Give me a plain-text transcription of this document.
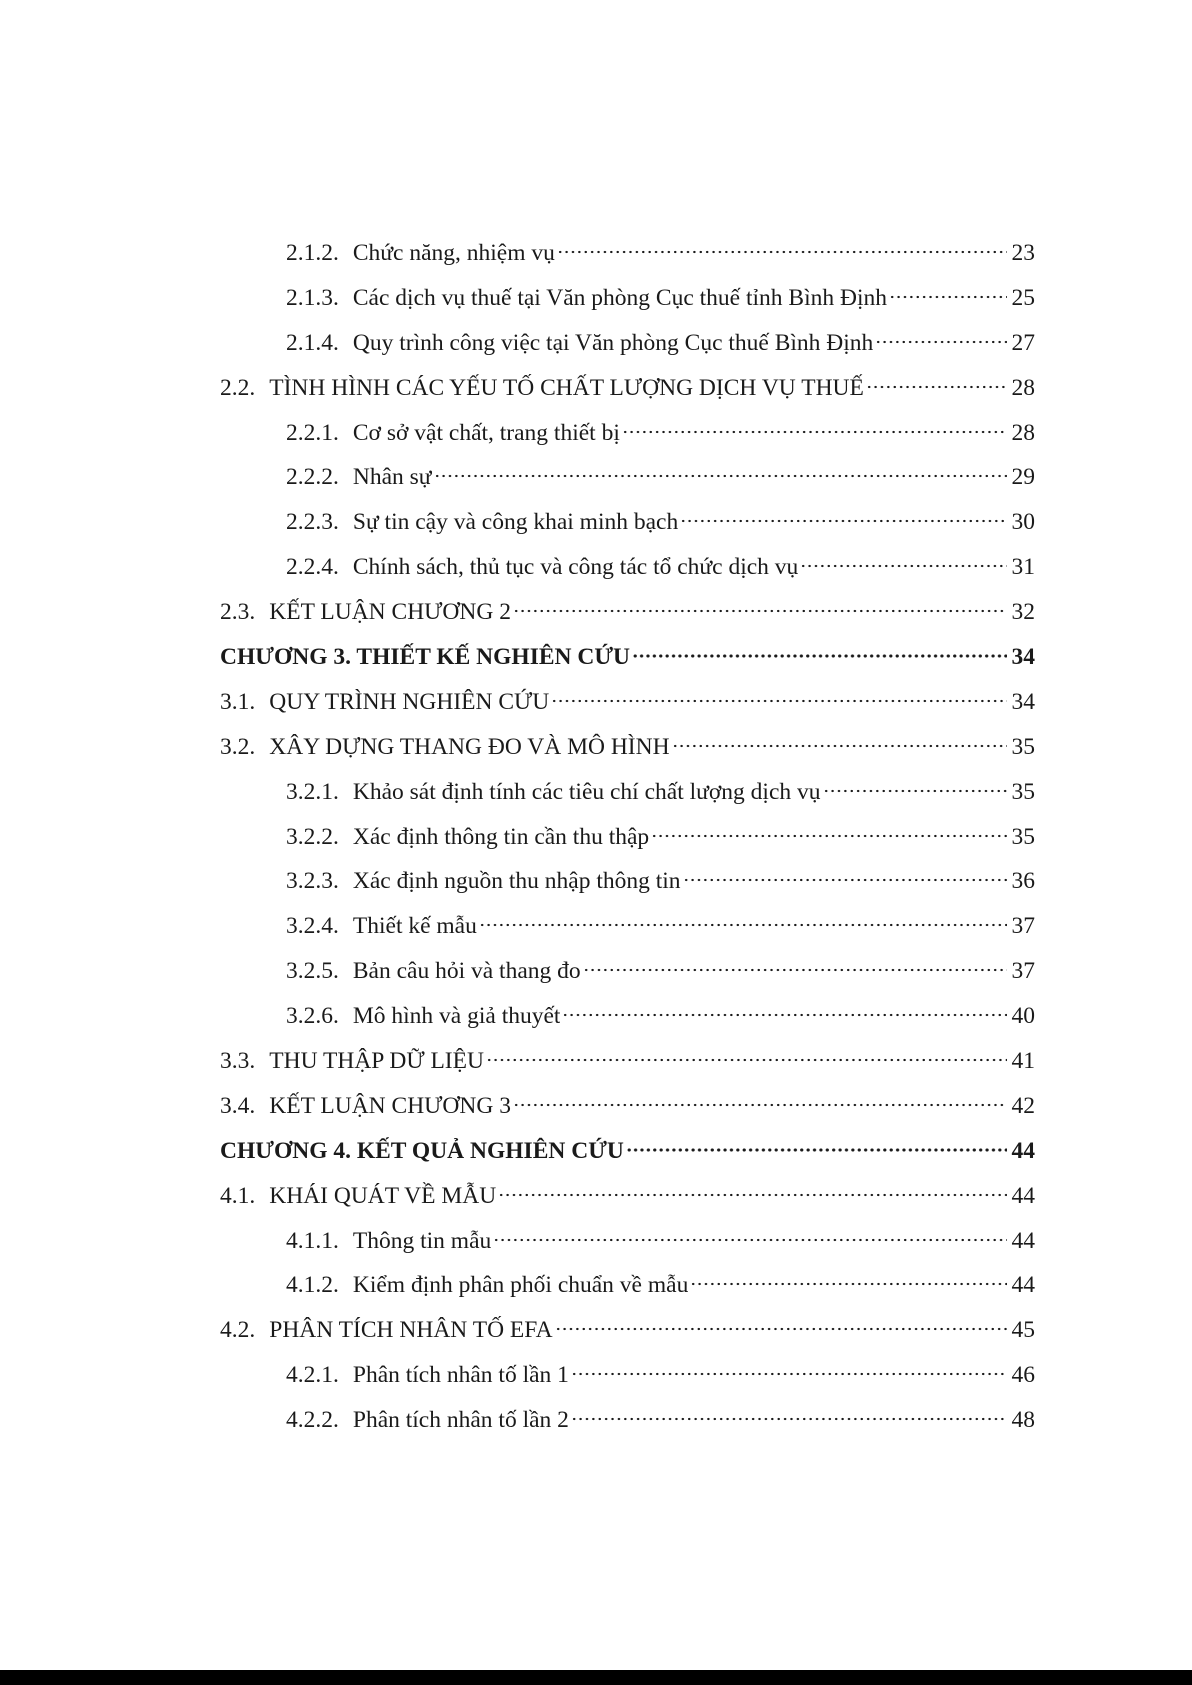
2.1.2. Chức năng, nhiệm vụ	23
2.1.3. Các dịch vụ thuế tại Văn phòng Cục thuế tỉnh Bình Định	25
2.1.4. Quy trình công việc tại Văn phòng Cục thuế Bình Định	27
2.2. TÌNH HÌNH CÁC YẾU TỐ CHẤT LƯỢNG DỊCH VỤ THUẾ	28
2.2.1. Cơ sở vật chất, trang thiết bị	28
2.2.2. Nhân sự	29
2.2.3. Sự tin cậy và công khai minh bạch	30
2.2.4. Chính sách, thủ tục và công tác tổ chức dịch vụ	31
2.3. KẾT LUẬN CHƯƠNG 2	32
CHƯƠNG 3. THIẾT KẾ NGHIÊN CỨU	34
3.1. QUY TRÌNH NGHIÊN CỨU	34
3.2. XÂY DỰNG THANG ĐO VÀ MÔ HÌNH	35
3.2.1. Khảo sát định tính các tiêu chí chất lượng dịch vụ	35
3.2.2. Xác định thông tin cần thu thập	35
3.2.3. Xác định nguồn thu nhập thông tin	36
3.2.4. Thiết kế mẫu	37
3.2.5. Bản câu hỏi và thang đo	37
3.2.6. Mô hình và giả thuyết	40
3.3. THU THẬP DỮ LIỆU	41
3.4. KẾT LUẬN CHƯƠNG 3	42
CHƯƠNG 4. KẾT QUẢ NGHIÊN CỨU	44
4.1. KHÁI QUÁT VỀ MẪU	44
4.1.1. Thông tin mẫu	44
4.1.2. Kiểm định phân phối chuẩn về mẫu	44
4.2. PHÂN TÍCH NHÂN TỐ EFA	45
4.2.1. Phân tích nhân tố lần 1	46
4.2.2. Phân tích nhân tố lần 2	48
